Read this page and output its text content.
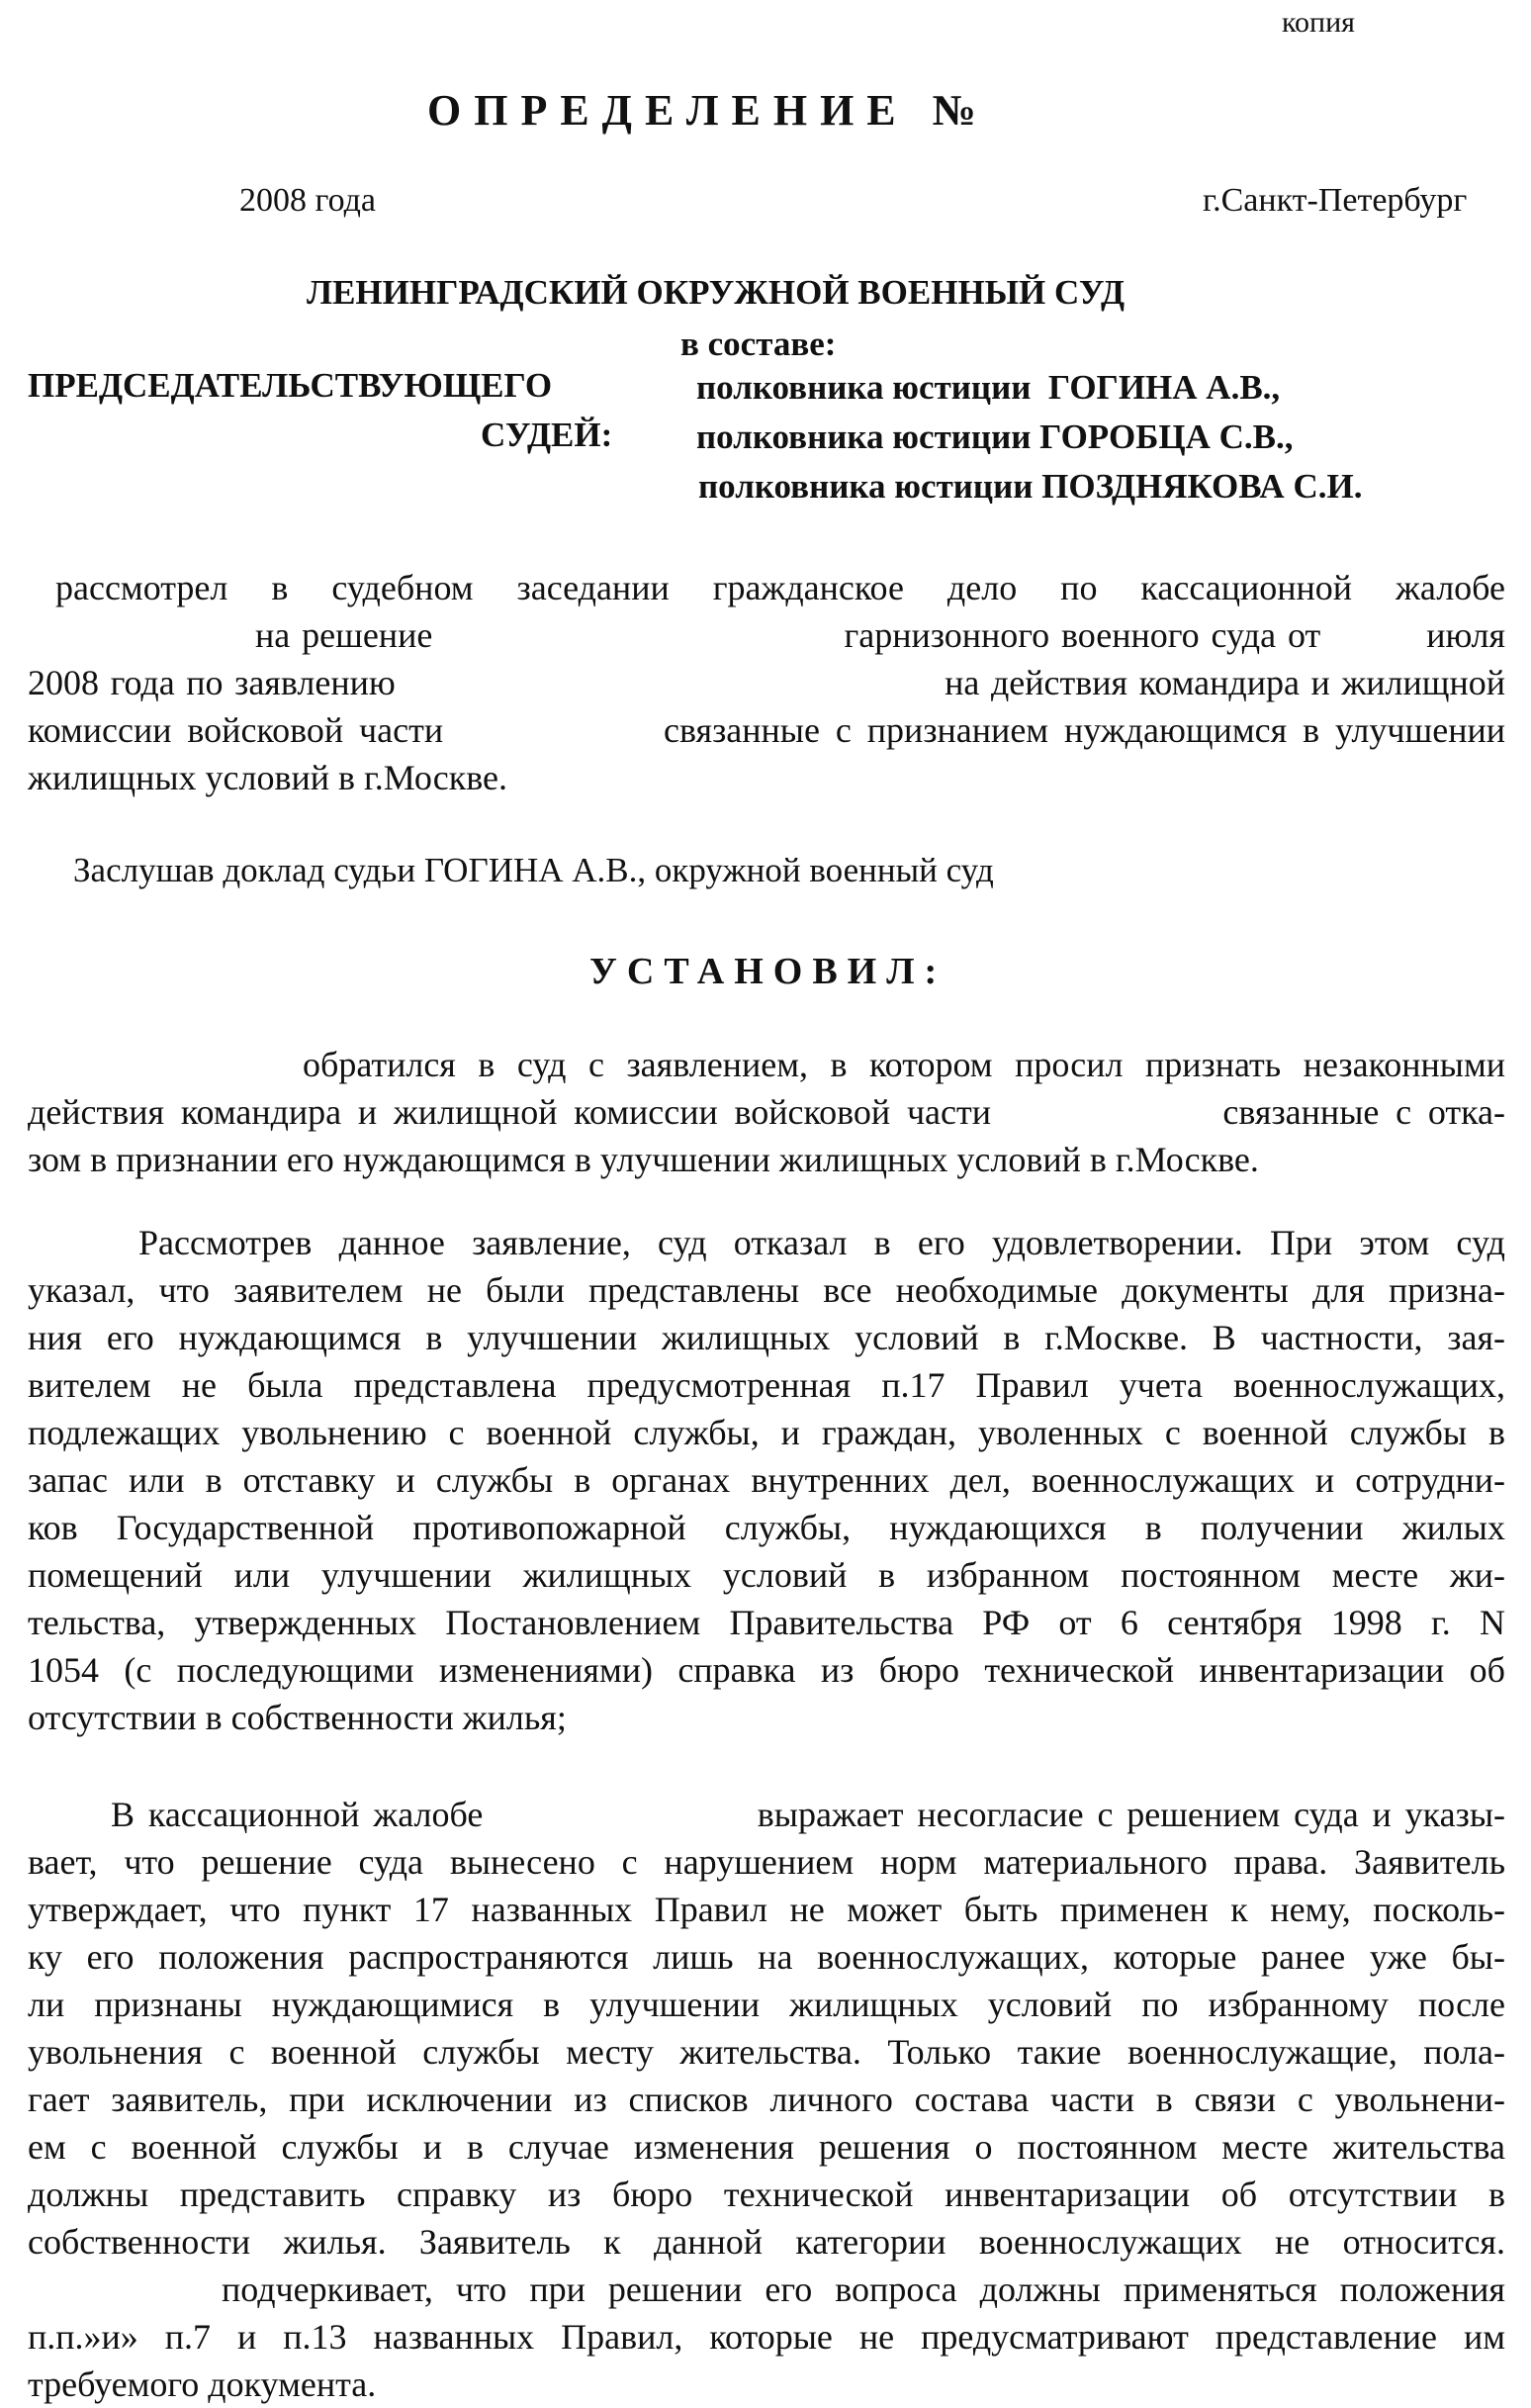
копия
ОПРЕДЕЛЕНИЕ №
2008 года	г.Санкт-Петербург
ЛЕНИНГРАДСКИЙ ОКРУЖНОЙ ВОЕННЫЙ СУД
в составе:
ПРЕДСЕДАТЕЛЬСТВУЮЩЕГО	полковника юстиции  ГОГИНА А.В.,
СУДЕЙ: полковника юстиции ГОРОБЦА С.В.,
полковника юстиции ПОЗДНЯКОВА С.И.
рассмотрел в судебном заседании гражданское дело по кассационной жалобе
на решение                                   гарнизонного военного суда от         июля
2008 года по заявлению                                                на действия командира и жилищной
комиссии войсковой части              связанные с признанием нуждающимся в улучшении
жилищных условий в г.Москве.
Заслушав доклад судьи ГОГИНА А.В., окружной военный суд
УСТАНОВИЛ:
обратился в суд с заявлением, в котором просил признать незаконными
действия командира и жилищной комиссии войсковой части              связанные с отка-
зом в признании его нуждающимся в улучшении жилищных условий в г.Москве.
Рассмотрев данное заявление, суд отказал в его удовлетворении. При этом суд
указал, что заявителем не были представлены все необходимые документы для призна-
ния его нуждающимся в улучшении жилищных условий в г.Москве. В частности, зая-
вителем не была представлена предусмотренная п.17 Правил учета военнослужащих,
подлежащих увольнению с военной службы, и граждан, уволенных с военной службы в
запас или в отставку и службы в органах внутренних дел, военнослужащих и сотрудни-
ков Государственной противопожарной службы, нуждающихся в получении жилых
помещений или улучшении жилищных условий в избранном постоянном месте жи-
тельства, утвержденных Постановлением Правительства РФ от 6 сентября 1998 г. N
1054 (с последующими изменениями) справка из бюро технической инвентаризации об
отсутствии в собственности жилья;
В кассационной жалобе                    выражает несогласие с решением суда и указы-
вает, что решение суда вынесено с нарушением норм материального права. Заявитель
утверждает, что пункт 17 названных Правил не может быть применен к нему, посколь-
ку его положения распространяются лишь на военнослужащих, которые ранее уже бы-
ли признаны нуждающимися в улучшении жилищных условий по избранному после
увольнения с военной службы месту жительства. Только такие военнослужащие, пола-
гает заявитель, при исключении из списков личного состава части в связи с увольнени-
ем с военной службы и в случае изменения решения о постоянном месте жительства
должны представить справку из бюро технической инвентаризации об отсутствии в
собственности жилья. Заявитель к данной категории военнослужащих не относится.
подчеркивает, что при решении его вопроса должны применяться положения
п.п.»и» п.7 и п.13 названных Правил, которые не предусматривают представление им
требуемого документа.
